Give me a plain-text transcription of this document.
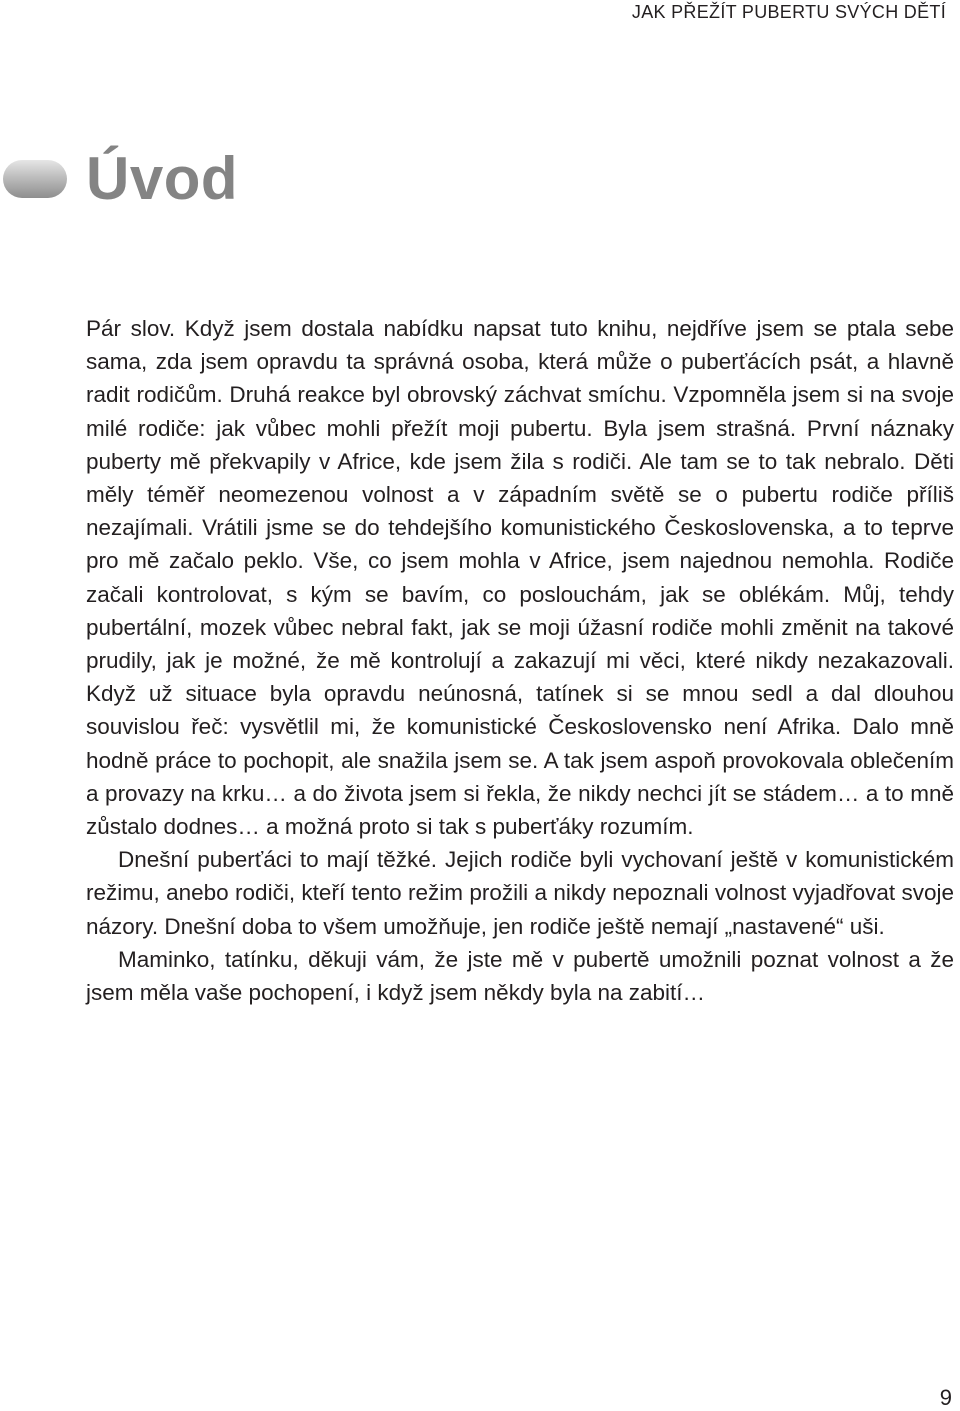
JAK PŘEŽÍT PUBERTU SVÝCH DĚTÍ
Úvod

Pár slov. Když jsem dostala nabídku napsat tuto knihu, nejdříve jsem se ptala sebe sama, zda jsem opravdu ta správná osoba, která může o puberťácích psát, a hlavně radit rodičům. Druhá reakce byl obrovský záchvat smíchu. Vzpomněla jsem si na svoje milé rodiče: jak vůbec mohli přežít moji pubertu. Byla jsem strašná. První náznaky puberty mě překvapily v Africe, kde jsem žila s rodiči. Ale tam se to tak nebralo. Děti měly téměř neomezenou volnost a v západním světě se o pubertu rodiče příliš nezajímali. Vrátili jsme se do tehdejšího komunistického Československa, a to teprve pro mě začalo peklo. Vše, co jsem mohla v Africe, jsem najednou nemohla. Rodiče začali kontrolovat, s kým se bavím, co poslouchám, jak se oblékám. Můj, tehdy pubertální, mozek vůbec nebral fakt, jak se moji úžasní rodiče mohli změnit na takové prudily, jak je možné, že mě kontrolují a zakazují mi věci, které nikdy nezakazovali. Když už situace byla opravdu neúnosná, tatínek si se mnou sedl a dal dlouhou souvislou řeč: vysvětlil mi, že komunistické Československo není Afrika. Dalo mně hodně práce to pochopit, ale snažila jsem se. A tak jsem aspoň provokovala oblečením a provazy na krku… a do života jsem si řekla, že nikdy nechci jít se stádem… a to mně zůstalo dodnes… a možná proto si tak s puberťáky rozumím.

Dnešní puberťáci to mají těžké. Jejich rodiče byli vychovaní ještě v komunistickém režimu, anebo rodiči, kteří tento režim prožili a nikdy nepoznali volnost vyjadřovat svoje názory. Dnešní doba to všem umožňuje, jen rodiče ještě nemají „nastavené“ uši.

Maminko, tatínku, děkuji vám, že jste mě v pubertě umožnili poznat volnost a že jsem měla vaše pochopení, i když jsem někdy byla na zabití…

9
